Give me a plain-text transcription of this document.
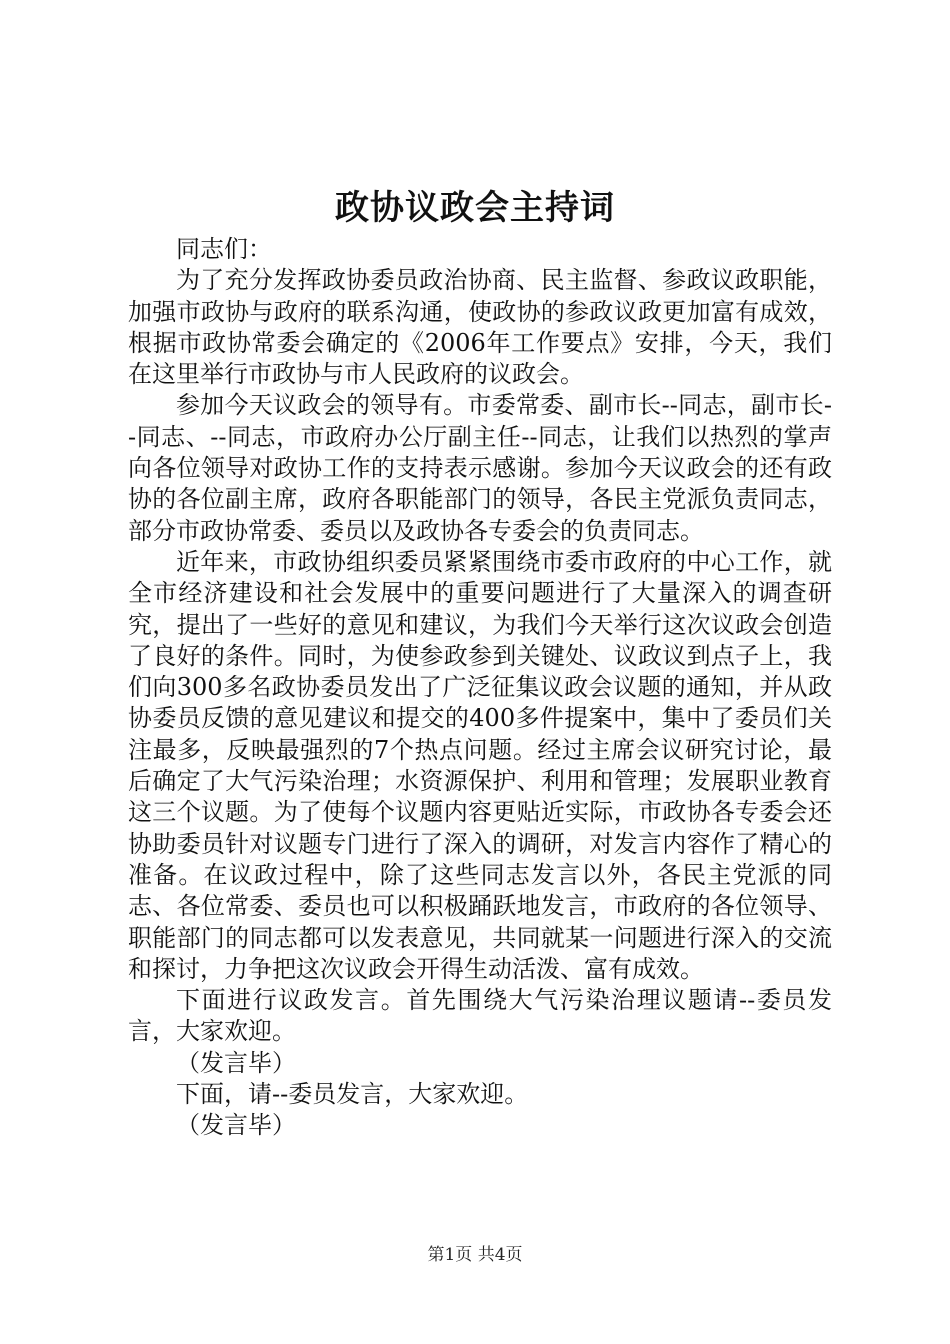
政协议政会主持词

同志们：

为了充分发挥政协委员政治协商、民主监督、参政议政职能，加强市政协与政府的联系沟通，使政协的参政议政更加富有成效，根据市政协常委会确定的《2006年工作要点》安排，今天，我们在这里举行市政协与市人民政府的议政会。

参加今天议政会的领导有。市委常委、副市长--同志，副市长--同志、--同志，市政府办公厅副主任--同志，让我们以热烈的掌声向各位领导对政协工作的支持表示感谢。参加今天议政会的还有政协的各位副主席，政府各职能部门的领导，各民主党派负责同志，部分市政协常委、委员以及政协各专委会的负责同志。

近年来，市政协组织委员紧紧围绕市委市政府的中心工作，就全市经济建设和社会发展中的重要问题进行了大量深入的调查研究，提出了一些好的意见和建议，为我们今天举行这次议政会创造了良好的条件。同时，为使参政参到关键处、议政议到点子上，我们向300多名政协委员发出了广泛征集议政会议题的通知，并从政协委员反馈的意见建议和提交的400多件提案中，集中了委员们关注最多，反映最强烈的7个热点问题。经过主席会议研究讨论，最后确定了大气污染治理；水资源保护、利用和管理；发展职业教育这三个议题。为了使每个议题内容更贴近实际，市政协各专委会还协助委员针对议题专门进行了深入的调研，对发言内容作了精心的准备。在议政过程中，除了这些同志发言以外，各民主党派的同志、各位常委、委员也可以积极踊跃地发言，市政府的各位领导、职能部门的同志都可以发表意见，共同就某一问题进行深入的交流和探讨，力争把这次议政会开得生动活泼、富有成效。

下面进行议政发言。首先围绕大气污染治理议题请--委员发言，大家欢迎。

（发言毕）

下面，请--委员发言，大家欢迎。

（发言毕）

第1页 共4页
